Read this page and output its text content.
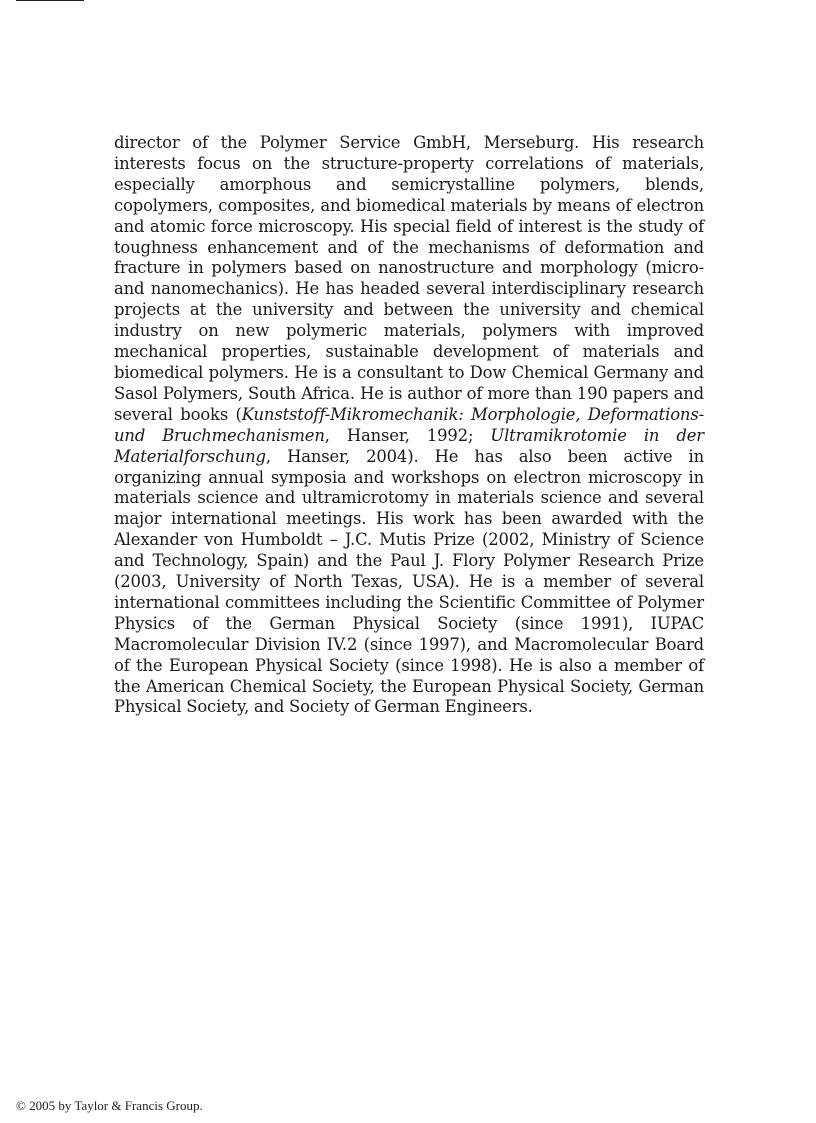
director of the Polymer Service GmbH, Merseburg. His research interests focus on the structure-property correlations of materials, especially amorphous and semicrystalline polymers, blends, copolymers, composites, and biomedical materials by means of electron and atomic force microscopy. His special field of interest is the study of toughness enhancement and of the mechanisms of deformation and fracture in polymers based on nanostructure and morphology (micro- and nanomechanics). He has headed several interdisciplinary research projects at the university and between the university and chemical industry on new polymeric materials, polymers with improved mechanical properties, sustainable development of materials and biomedical polymers. He is a consultant to Dow Chemical Germany and Sasol Polymers, South Africa. He is author of more than 190 papers and several books (Kunststoff-Mikromechanik: Morphologie, Deformations- und Bruchmechanismen, Hanser, 1992; Ultramikrotomie in der Materialforschung, Hanser, 2004). He has also been active in organizing annual symposia and workshops on electron microscopy in materials science and ultramicrotomy in materials science and several major international meetings. His work has been awarded with the Alexander von Humboldt – J.C. Mutis Prize (2002, Ministry of Science and Technology, Spain) and the Paul J. Flory Polymer Research Prize (2003, University of North Texas, USA). He is a member of several international committees including the Scientific Committee of Polymer Physics of the German Physical Society (since 1991), IUPAC Macromolecular Division IV.2 (since 1997), and Macromolecular Board of the European Physical Society (since 1998). He is also a member of the American Chemical Society, the European Physical Society, German Physical Society, and Society of German Engineers.

© 2005 by Taylor & Francis Group.
